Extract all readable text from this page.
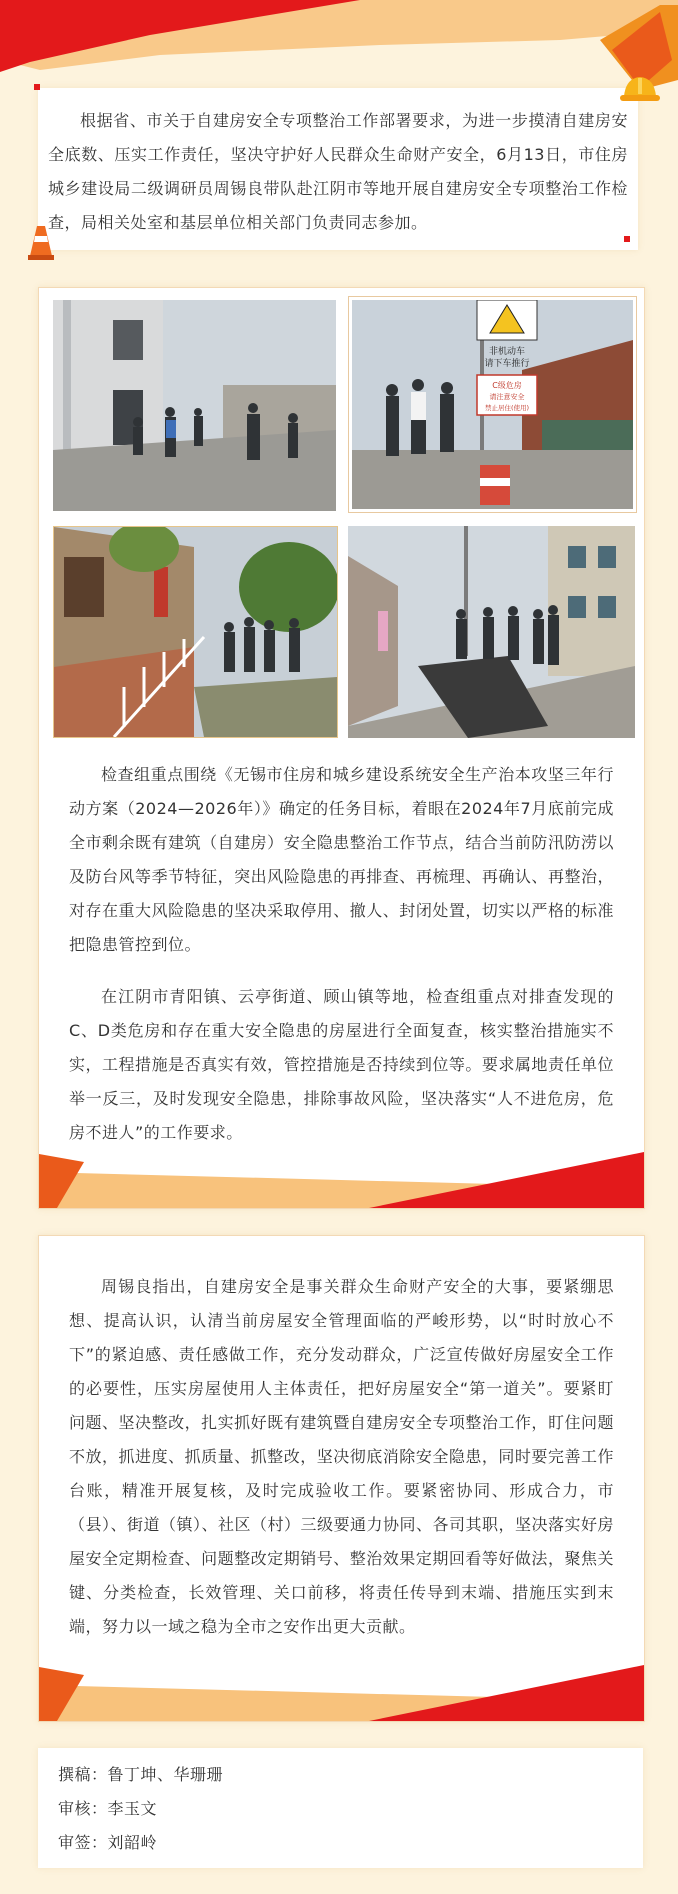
根据省、市关于自建房安全专项整治工作部署要求，为进一步摸清自建房安全底数、压实工作责任，坚决守护好人民群众生命财产安全，6月13日，市住房城乡建设局二级调研员周锡良带队赴江阴市等地开展自建房安全专项整治工作检查，局相关处室和基层单位相关部门负责同志参加。

非机动车
请下车推行
C级危房
请注意安全
禁止居住(使用)

检查组重点围绕《无锡市住房和城乡建设系统安全生产治本攻坚三年行动方案（2024—2026年）》确定的任务目标，着眼在2024年7月底前完成全市剩余既有建筑（自建房）安全隐患整治工作节点，结合当前防汛防涝以及防台风等季节特征，突出风险隐患的再排查、再梳理、再确认、再整治，对存在重大风险隐患的坚决采取停用、撤人、封闭处置，切实以严格的标准把隐患管控到位。

在江阴市青阳镇、云亭街道、顾山镇等地，检查组重点对排查发现的C、D类危房和存在重大安全隐患的房屋进行全面复查，核实整治措施实不实，工程措施是否真实有效，管控措施是否持续到位等。要求属地责任单位举一反三，及时发现安全隐患，排除事故风险，坚决落实“人不进危房，危房不进人”的工作要求。

周锡良指出，自建房安全是事关群众生命财产安全的大事，要紧绷思想、提高认识，认清当前房屋安全管理面临的严峻形势，以“时时放心不下”的紧迫感、责任感做工作，充分发动群众，广泛宣传做好房屋安全工作的必要性，压实房屋使用人主体责任，把好房屋安全“第一道关”。要紧盯问题、坚决整改，扎实抓好既有建筑暨自建房安全专项整治工作，盯住问题不放，抓进度、抓质量、抓整改，坚决彻底消除安全隐患，同时要完善工作台账，精准开展复核，及时完成验收工作。要紧密协同、形成合力，市（县）、街道（镇）、社区（村）三级要通力协同、各司其职，坚决落实好房屋安全定期检查、问题整改定期销号、整治效果定期回看等好做法，聚焦关键、分类检查，长效管理、关口前移，将责任传导到末端、措施压实到末端，努力以一域之稳为全市之安作出更大贡献。

撰稿：鲁丁坤、华珊珊
审核：李玉文
审签：刘韶岭
